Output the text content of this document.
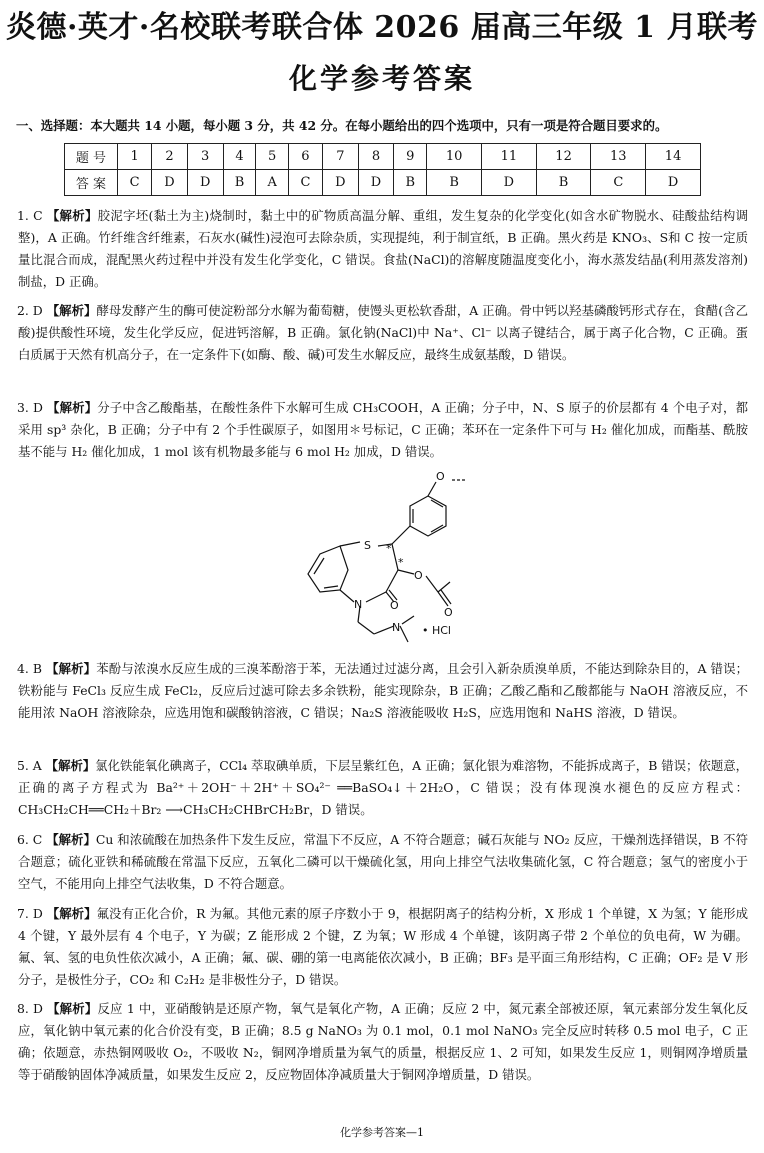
炎德·英才·名校联考联合体 2026 届高三年级 1 月联考
化学参考答案
一、选择题：本大题共 14 小题，每小题 3 分，共 42 分。在每小题给出的四个选项中，只有一项是符合题目要求的。
题 号	1	2	3	4	5	6	7	8	9	10	11	12	13	14
答 案	C	D	D	B	A	C	D	D	B	B	D	B	C	D
1. C 【解析】胶泥字坯(黏土为主)烧制时，黏土中的矿物质高温分解、重组，发生复杂的化学变化(如含水矿物脱水、硅酸盐结构调整)，A 正确。竹纤维含纤维素，石灰水(碱性)浸泡可去除杂质，实现提纯，利于制宣纸，B 正确。黑火药是 KNO₃、S和 C 按一定质量比混合而成，混配黑火药过程中并没有发生化学变化，C 错误。食盐(NaCl)的溶解度随温度变化小，海水蒸发结晶(利用蒸发溶剂)制盐，D 正确。
2. D 【解析】酵母发酵产生的酶可使淀粉部分水解为葡萄糖，使馒头更松软香甜，A 正确。骨中钙以羟基磷酸钙形式存在，食醋(含乙酸)提供酸性环境，发生化学反应，促进钙溶解，B 正确。氯化钠(NaCl)中 Na⁺、Cl⁻ 以离子键结合，属于离子化合物，C 正确。蛋白质属于天然有机高分子，在一定条件下(如酶、酸、碱)可发生水解反应，最终生成氨基酸，D 错误。
3. D 【解析】分子中含乙酸酯基，在酸性条件下水解可生成 CH₃COOH，A 正确；分子中，N、S 原子的价层都有 4 个电子对，都采用 sp³ 杂化，B 正确；分子中有 2 个手性碳原子，如图用＊号标记，C 正确；苯环在一定条件下可与 H₂ 催化加成，而酯基、酰胺基不能与 H₂ 催化加成，1 mol 该有机物最多能与 6 mol H₂ 加成，D 错误。
O
S
N	O
O
O
N
*
*
• HCl
4. B 【解析】苯酚与浓溴水反应生成的三溴苯酚溶于苯，无法通过过滤分离，且会引入新杂质溴单质，不能达到除杂目的，A 错误；铁粉能与 FeCl₃ 反应生成 FeCl₂，反应后过滤可除去多余铁粉，能实现除杂，B 正确；乙酸乙酯和乙酸都能与 NaOH 溶液反应，不能用浓 NaOH 溶液除杂，应选用饱和碳酸钠溶液，C 错误；Na₂S 溶液能吸收 H₂S，应选用饱和 NaHS 溶液，D 错误。
5. A 【解析】氯化铁能氧化碘离子，CCl₄ 萃取碘单质，下层呈紫红色，A 正确；氯化银为难溶物，不能拆成离子，B 错误；依题意，正确的离子方程式为 Ba²⁺＋2OH⁻＋2H⁺＋SO₄²⁻ ══BaSO₄↓＋2H₂O，C 错误；没有体现溴水褪色的反应方程式：CH₃CH₂CH══CH₂＋Br₂ ⟶CH₃CH₂CHBrCH₂Br，D 错误。
6. C 【解析】Cu 和浓硫酸在加热条件下发生反应，常温下不反应，A 不符合题意；碱石灰能与 NO₂ 反应，干燥剂选择错误，B 不符合题意；硫化亚铁和稀硫酸在常温下反应，五氧化二磷可以干燥硫化氢，用向上排空气法收集硫化氢，C 符合题意；氢气的密度小于空气，不能用向上排空气法收集，D 不符合题意。
7. D 【解析】氟没有正化合价，R 为氟。其他元素的原子序数小于 9，根据阴离子的结构分析，X 形成 1 个单键，X 为氢；Y 能形成 4 个键，Y 最外层有 4 个电子，Y 为碳；Z 能形成 2 个键，Z 为氧；W 形成 4 个单键，该阴离子带 2 个单位的负电荷，W 为硼。氟、氧、氢的电负性依次减小，A 正确；氟、碳、硼的第一电离能依次减小，B 正确；BF₃ 是平面三角形结构，C 正确；OF₂ 是 V 形分子，是极性分子，CO₂ 和 C₂H₂ 是非极性分子，D 错误。
8. D 【解析】反应 1 中，亚硝酸钠是还原产物，氧气是氧化产物，A 正确；反应 2 中，氮元素全部被还原，氧元素部分发生氧化反应，氧化钠中氧元素的化合价没有变，B 正确；8.5 g NaNO₃ 为 0.1 mol，0.1 mol NaNO₃ 完全反应时转移 0.5 mol 电子，C 正确；依题意，赤热铜网吸收 O₂，不吸收 N₂，铜网净增质量为氧气的质量，根据反应 1、2 可知，如果发生反应 1，则铜网净增质量等于硝酸钠固体净减质量，如果发生反应 2，反应物固体净减质量大于铜网净增质量，D 错误。
化学参考答案—1
